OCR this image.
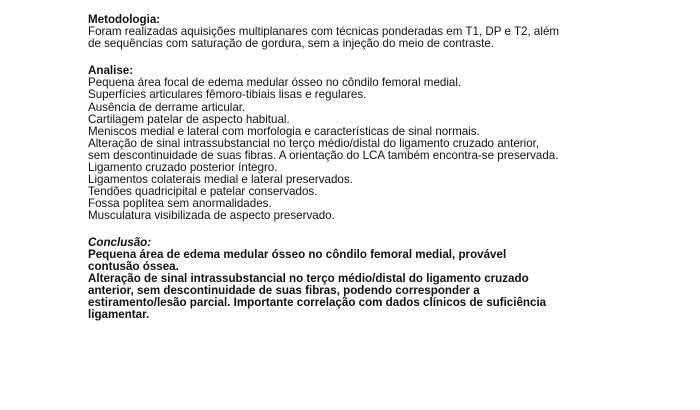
Metodologia:

Foram realizadas aquisições multiplanares com técnicas ponderadas em T1, DP e T2, além

de sequências com saturação de gordura, sem a injeção do meio de contraste.

Analise:

Pequena área focal de edema medular ósseo no côndilo femoral medial.

Superfícies articulares fêmoro-tibiais lisas e regulares.

Ausência de derrame articular.

Cartilagem patelar de aspecto habitual.

Meniscos medial e lateral com morfologia e características de sinal normais.

Alteração de sinal intrassubstancial no terço médio/distal do ligamento cruzado anterior,

sem descontinuidade de suas fibras. A orientação do LCA também encontra-se preservada.

Ligamento cruzado posterior íntegro.

Ligamentos colaterais medial e lateral preservados.

Tendões quadricipital e patelar conservados.

Fossa poplítea sem anormalidades.

Musculatura visibilizada de aspecto preservado.

Conclusão:

Pequena área de edema medular ósseo no côndilo femoral medial, provável

contusão óssea.

Alteração de sinal intrassubstancial no terço médio/distal do ligamento cruzado

anterior, sem descontinuidade de suas fibras, podendo corresponder a

estiramento/lesão parcial. Importante correlação com dados clínicos de suficiência

ligamentar.
